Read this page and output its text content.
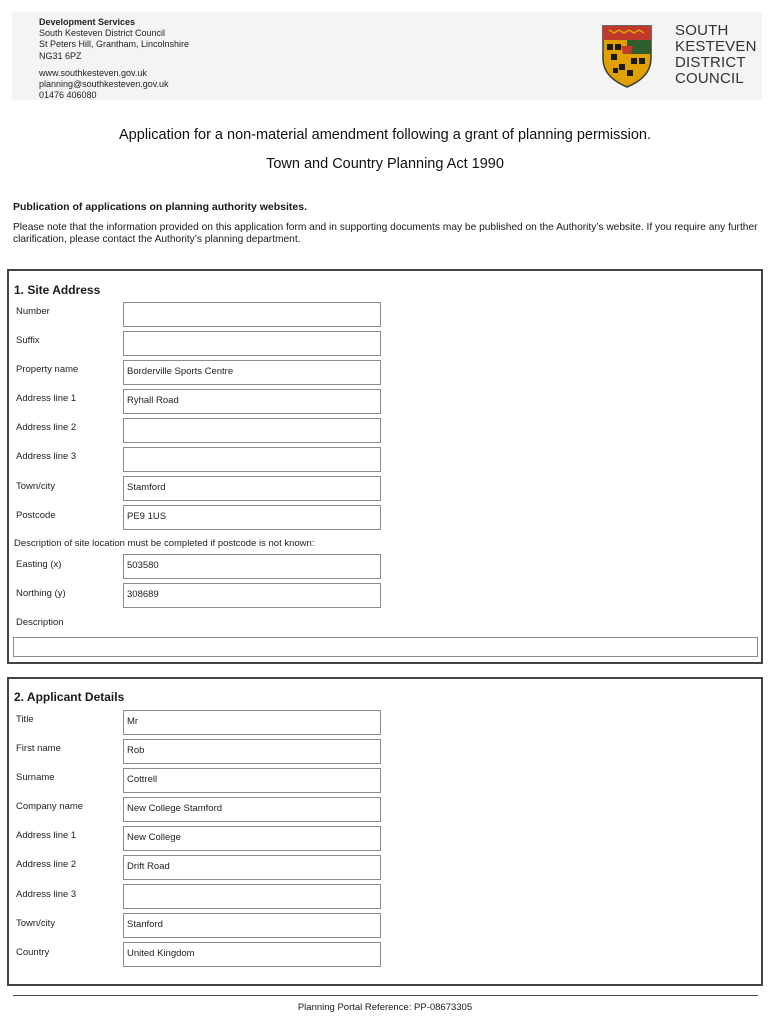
Development Services
South Kesteven District Council
St Peters Hill, Grantham, Lincolnshire
NG31 6PZ
www.southkesteven.gov.uk
planning@southkesteven.gov.uk
01476 406080
SOUTH
KESTEVEN
DISTRICT
COUNCIL
Application for a non-material amendment following a grant of planning permission.
Town and Country Planning Act 1990
Publication of applications on planning authority websites.
Please note that the information provided on this application form and in supporting documents may be published on the Authority’s website. If you require any further clarification, please contact the Authority’s planning department.
1. Site Address
Number
Suffix
Property name	Borderville Sports Centre
Address line 1	Ryhall Road
Address line 2
Address line 3
Town/city	Stamford
Postcode	PE9 1US
Description of site location must be completed if postcode is not known:
Easting (x)	503580
Northing (y)	308689
Description
2. Applicant Details
Title	Mr
First name	Rob
Surname	Cottrell
Company name	New College Stamford
Address line 1	New College
Address line 2	Drift Road
Address line 3
Town/city	Stanford
Country	United Kingdom
Planning Portal Reference: PP-08673305
